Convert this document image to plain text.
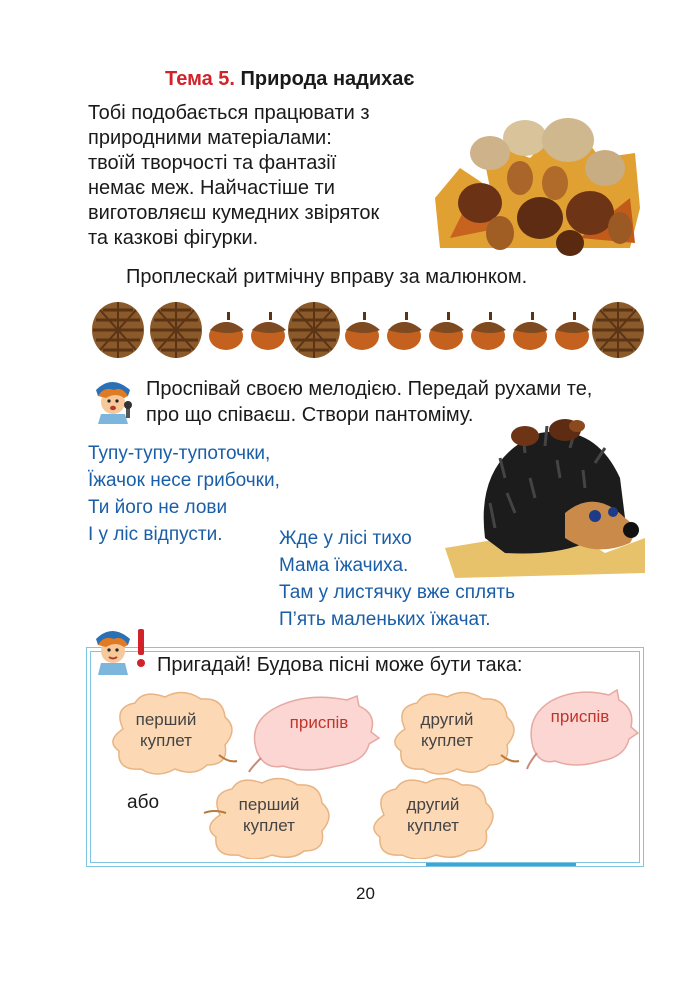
Тема 5. Природа надихає
Тобі подобається працювати з
природними матеріалами:
твоїй творчості та фантазії
немає меж. Найчастіше ти
виготовляєш кумедних звіряток
та казкові фігурки.
Проплескай ритмічну вправу за малюнком.
Проспівай своєю мелодією. Передай рухами те,
про що співаєш. Створи пантоміму.
Тупу-тупу-тупоточки,
Їжачок несе грибочки,
Ти його не лови
І у ліс відпусти.	Жде у лісі тихо
Мама їжачиха.
Там у листячку вже сплять
П’ять маленьких їжачат.
Пригадай! Будова пісні може бути така:
перший
куплет
приспів	другий
куплет
приспів
або	перший
куплет
другий
куплет
20
